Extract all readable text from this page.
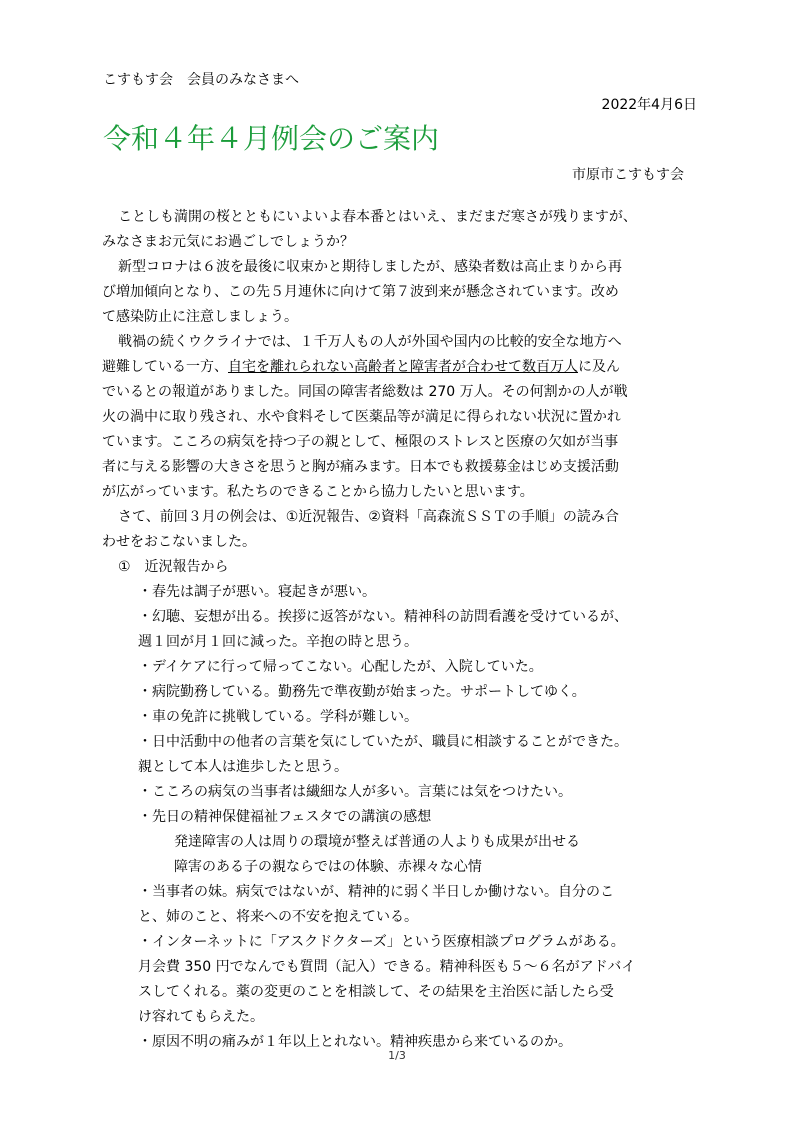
こすもす会　会員のみなさまへ
2022年4月6日
令和４年４月例会のご案内
市原市こすもす会
ことしも満開の桜とともにいよいよ春本番とはいえ、まだまだ寒さが残りますが、
みなさまお元気にお過ごしでしょうか？
新型コロナは６波を最後に収束かと期待しましたが、感染者数は高止まりから再
び増加傾向となり、この先５月連休に向けて第７波到来が懸念されています。改め
て感染防止に注意しましょう。
戦禍の続くウクライナでは、１千万人もの人が外国や国内の比較的安全な地方へ
避難している一方、自宅を離れられない高齢者と障害者が合わせて数百万人に及ん
でいるとの報道がありました。同国の障害者総数は 270 万人。その何割かの人が戦
火の渦中に取り残され、水や食料そして医薬品等が満足に得られない状況に置かれ
ています。こころの病気を持つ子の親として、極限のストレスと医療の欠如が当事
者に与える影響の大きさを思うと胸が痛みます。日本でも救援募金はじめ支援活動
が広がっています。私たちのできることから協力したいと思います。
さて、前回３月の例会は、①近況報告、②資料「高森流ＳＳＴの手順」の読み合
わせをおこないました。
①　近況報告から
・春先は調子が悪い。寝起きが悪い。
・幻聴、妄想が出る。挨拶に返答がない。精神科の訪問看護を受けているが、
週１回が月１回に減った。辛抱の時と思う。
・デイケアに行って帰ってこない。心配したが、入院していた。
・病院勤務している。勤務先で準夜勤が始まった。サポートしてゆく。
・車の免許に挑戦している。学科が難しい。
・日中活動中の他者の言葉を気にしていたが、職員に相談することができた。
親として本人は進歩したと思う。
・こころの病気の当事者は繊細な人が多い。言葉には気をつけたい。
・先日の精神保健福祉フェスタでの講演の感想
発達障害の人は周りの環境が整えば普通の人よりも成果が出せる
障害のある子の親ならではの体験、赤裸々な心情
・当事者の妹。病気ではないが、精神的に弱く半日しか働けない。自分のこ
と、姉のこと、将来への不安を抱えている。
・インターネットに「アスクドクターズ」という医療相談プログラムがある。
月会費 350 円でなんでも質問（記入）できる。精神科医も５〜６名がアドバイ
スしてくれる。薬の変更のことを相談して、その結果を主治医に話したら受
け容れてもらえた。
・原因不明の痛みが１年以上とれない。精神疾患から来ているのか。
1/3
